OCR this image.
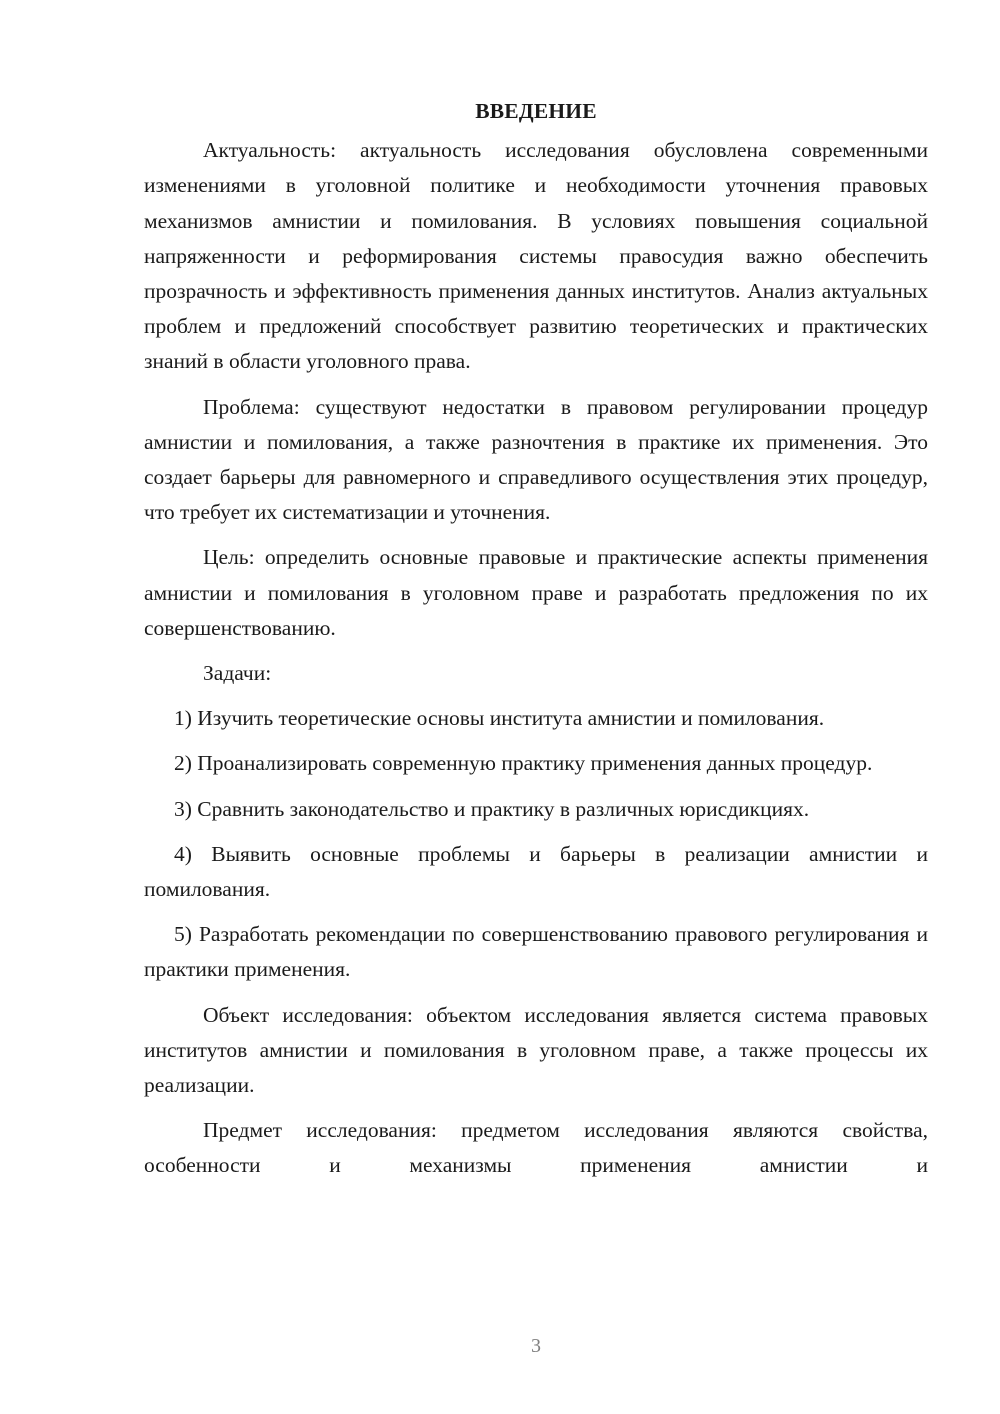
ВВЕДЕНИЕ

Актуальность: актуальность исследования обусловлена современными изменениями в уголовной политике и необходимости уточнения правовых механизмов амнистии и помилования. В условиях повышения социальной напряженности и реформирования системы правосудия важно обеспечить прозрачность и эффективность применения данных институтов. Анализ актуальных проблем и предложений способствует развитию теоретических и практических знаний в области уголовного права.

Проблема: существуют недостатки в правовом регулировании процедур амнистии и помилования, а также разночтения в практике их применения. Это создает барьеры для равномерного и справедливого осуществления этих процедур, что требует их систематизации и уточнения.

Цель: определить основные правовые и практические аспекты применения амнистии и помилования в уголовном праве и разработать предложения по их совершенствованию.

Задачи:

1) Изучить теоретические основы института амнистии и помилования.

2) Проанализировать современную практику применения данных процедур.

3) Сравнить законодательство и практику в различных юрисдикциях.

4) Выявить основные проблемы и барьеры в реализации амнистии и помилования.

5) Разработать рекомендации по совершенствованию правового регулирования и практики применения.

Объект исследования: объектом исследования является система правовых институтов амнистии и помилования в уголовном праве, а также процессы их реализации.

Предмет исследования: предметом исследования являются свойства, особенности и механизмы применения амнистии и

3
